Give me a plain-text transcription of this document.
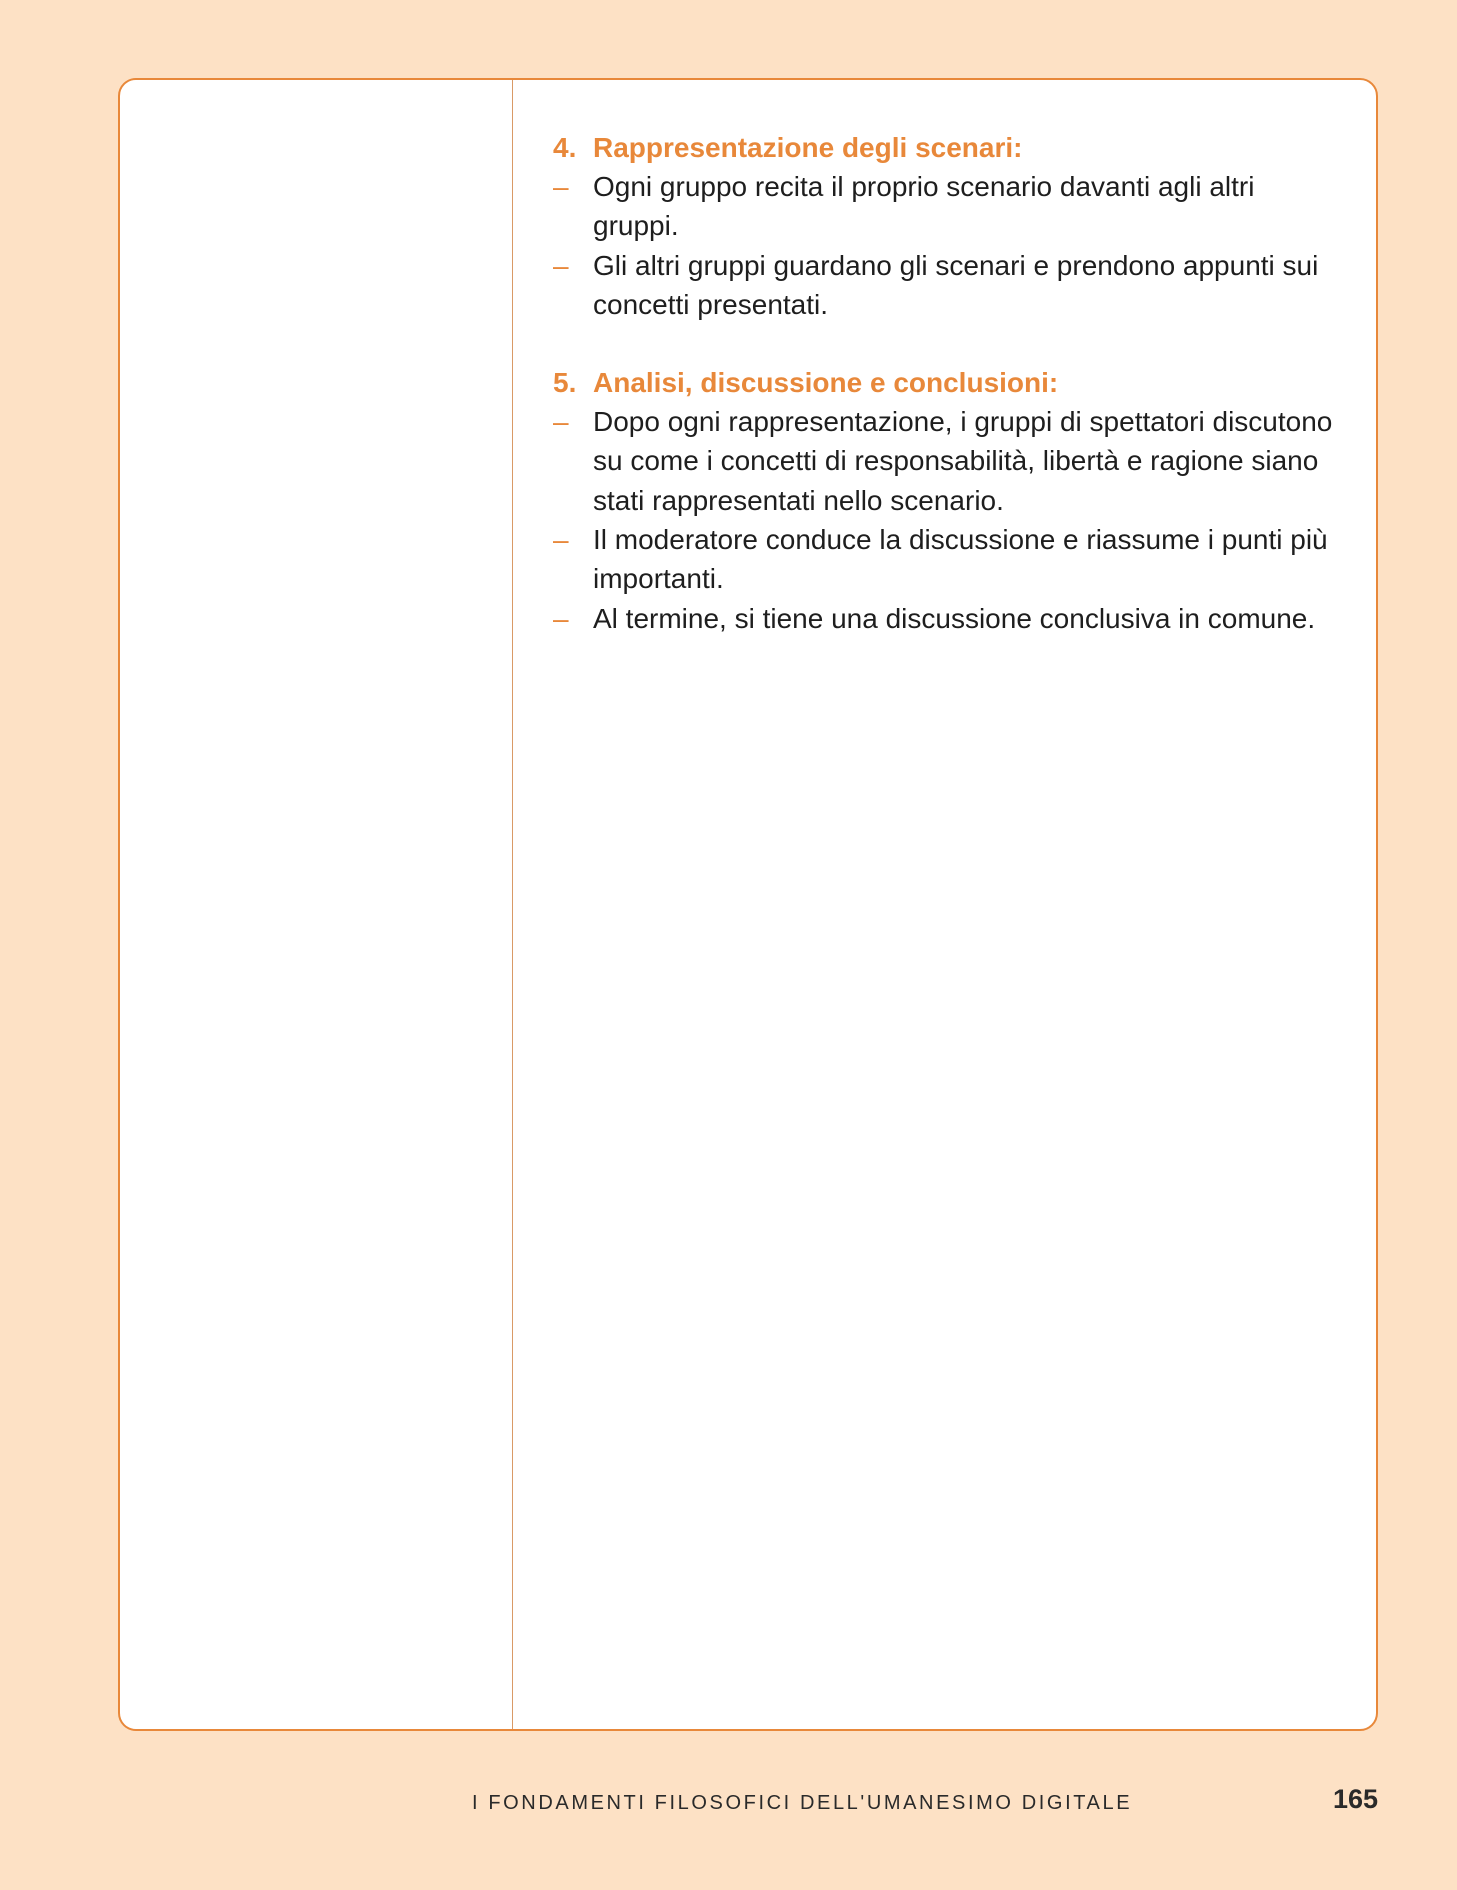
4. Rappresentazione degli scenari:
– Ogni gruppo recita il proprio scenario davanti agli altri gruppi.
– Gli altri gruppi guardano gli scenari e prendono appunti sui concetti presentati.
5. Analisi, discussione e conclusioni:
– Dopo ogni rappresentazione, i gruppi di spettatori discutono su come i concetti di responsabilità, libertà e ragione siano stati rappresentati nello scenario.
– Il moderatore conduce la discussione e riassume i punti più importanti.
– Al termine, si tiene una discussione conclusiva in comune.
I FONDAMENTI FILOSOFICI DELL'UMANESIMO DIGITALE	165
